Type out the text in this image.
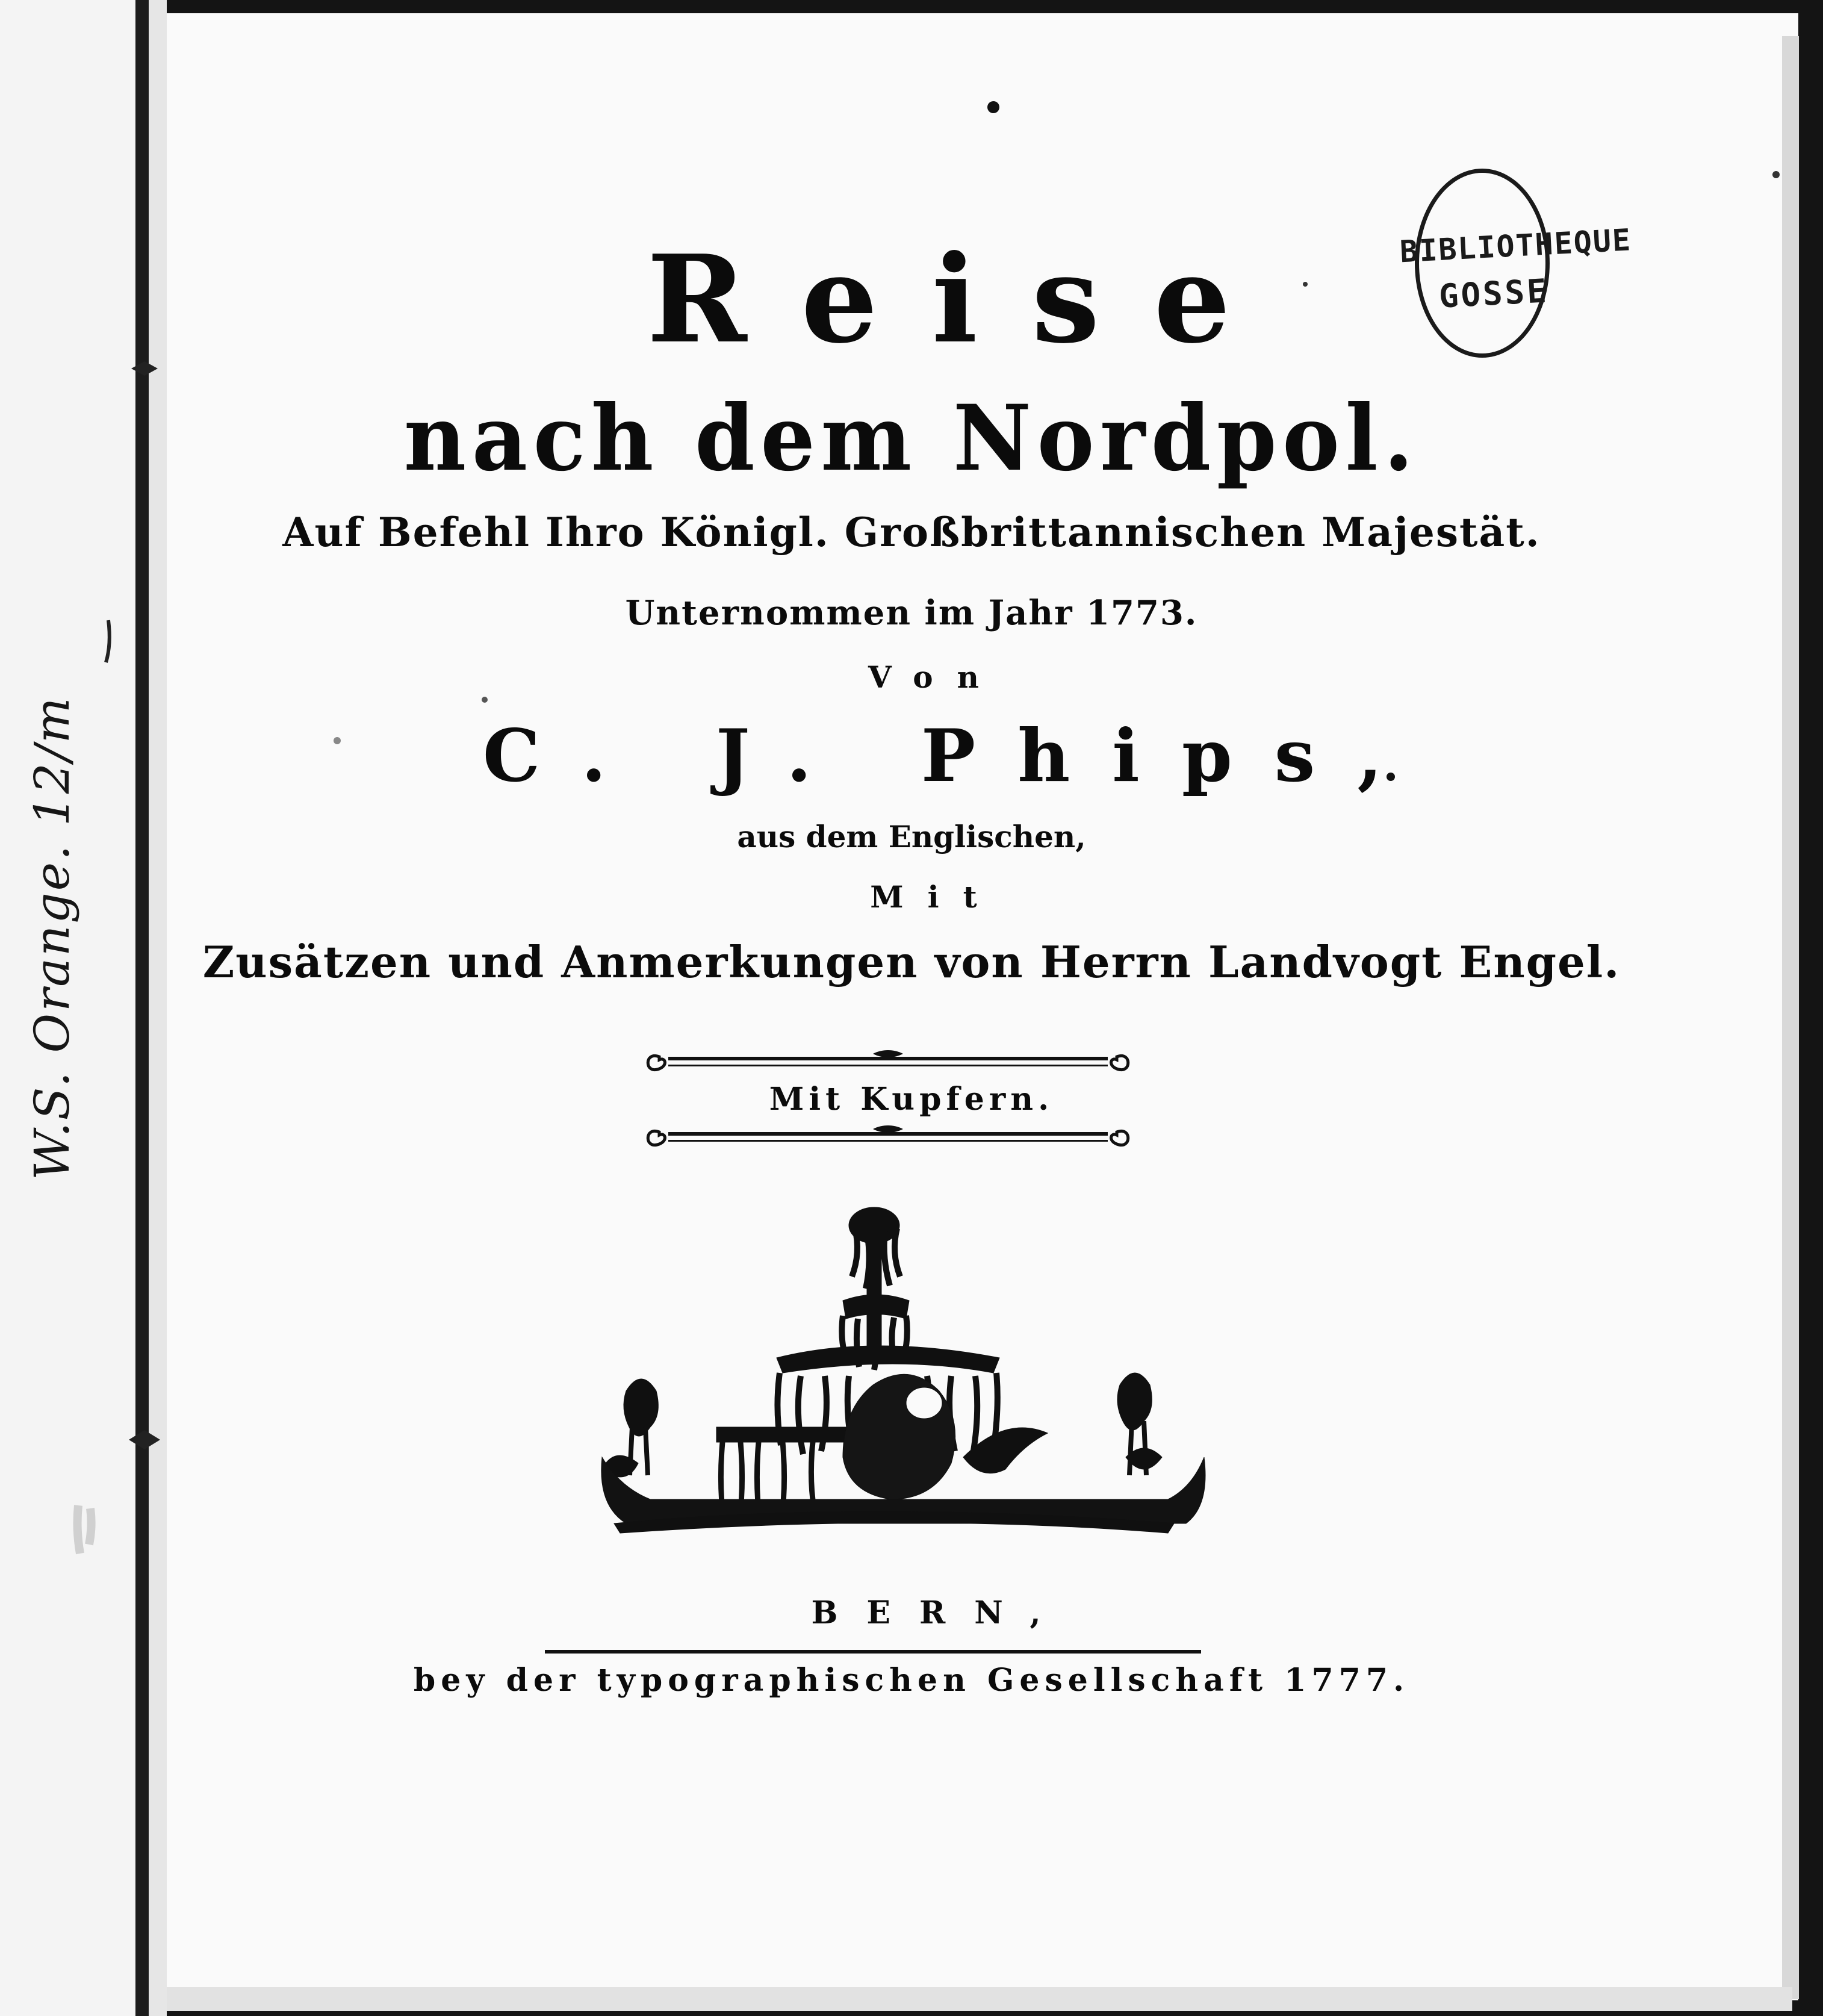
Reise
nach dem Nordpol.
Auf Befehl Ihro Königl. Großbrittannischen Majestät.
Unternommen im Jahr 1773.
Von
C. J. Phips,
aus dem Englischen,
Mit
Zusätzen und Anmerkungen von Herrn Landvogt Engel.
Mit Kupfern.
BERN,
bey der typographischen Gesellschaft 1777.
BIBLIOTHEQUE
GOSSE
W.S. Orange. 12/m
